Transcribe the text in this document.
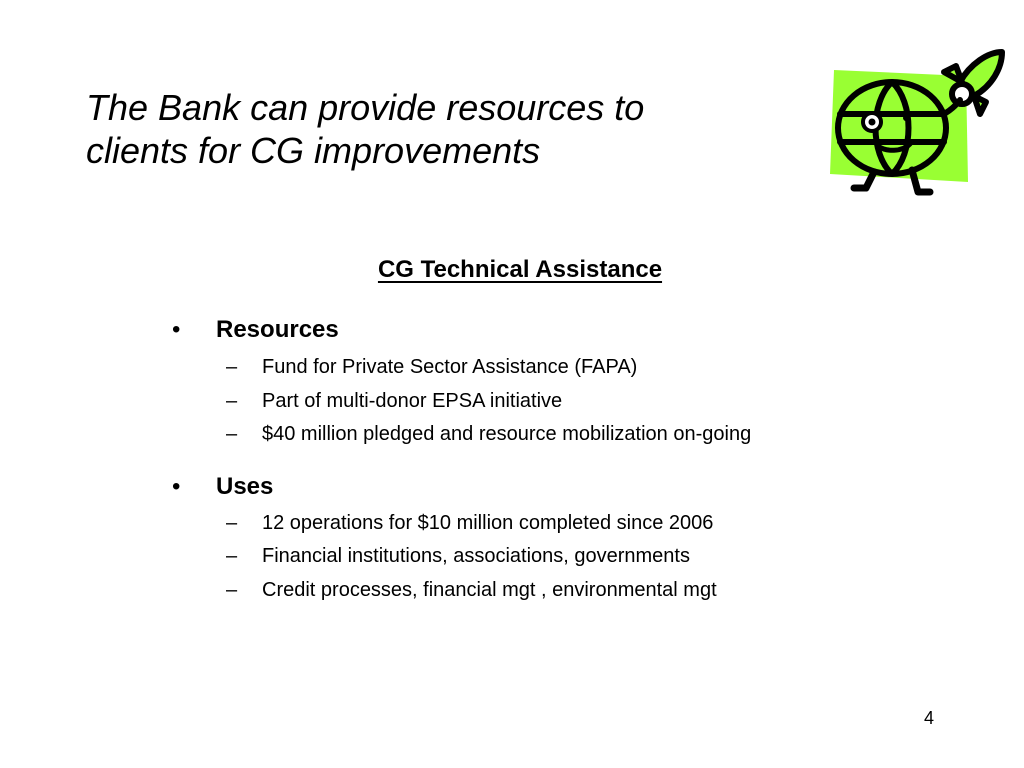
The Bank can provide resources to
clients for CG improvements
CG Technical Assistance
• Resources
– Fund for Private Sector Assistance (FAPA)
– Part of multi-donor EPSA initiative
– $40 million pledged and resource mobilization on-going
• Uses
– 12 operations for $10 million completed since 2006
– Financial institutions, associations, governments
– Credit processes, financial mgt , environmental mgt
4
